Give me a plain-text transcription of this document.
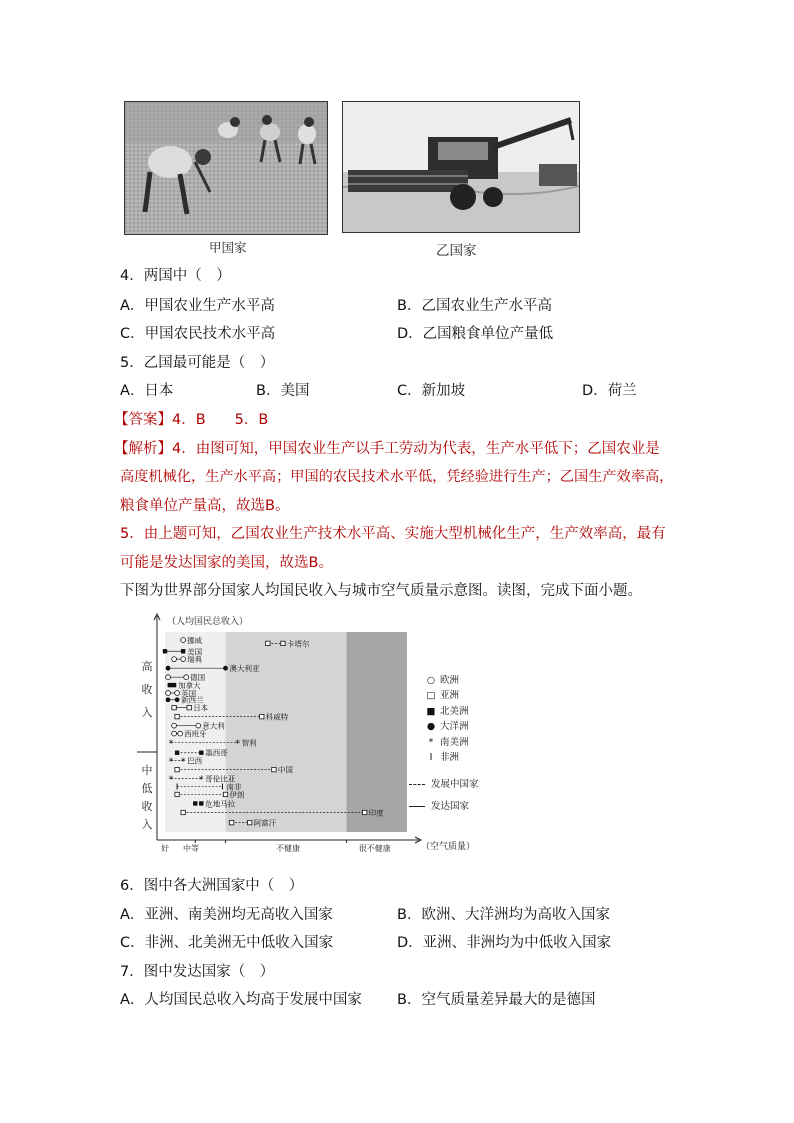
甲国家	乙国家
4．两国中（　）
A．甲国农业生产水平高	B．乙国农业生产水平高
C．甲国农民技术水平高	D．乙国粮食单位产量低
5．乙国最可能是（　）
A．日本	B．美国	C．新加坡	D．荷兰
【答案】4．B　　5．B
【解析】4．由图可知，甲国农业生产以手工劳动为代表，生产水平低下；乙国农业是
高度机械化，生产水平高；甲国的农民技术水平低，凭经验进行生产；乙国生产效率高，
粮食单位产量高，故选B。
5．由上题可知，乙国农业生产技术水平高、实施大型机械化生产，生产效率高，最有
可能是发达国家的美国，故选B。
下图为世界部分国家人均国民收入与城市空气质量示意图。读图，完成下面小题。
高
收
入
中
低
收
入
好 中等	不健康	很不健康
挪威	卡塔尔
美国
瑞典
澳大利亚
德国
加拿大
英国
新西兰
日本
科威特
意大利
西班牙
*	* 智利
墨西哥
* * 巴西
中国
*	* 哥伦比亚
南非
伊朗
危地马拉
印度
阿富汗
（人均国民总收入）
（空气质量）
○ 欧洲
□ 亚洲
■ 北美洲
● 大洋洲
* 南美洲
I 非洲
发展中国家
发达国家
6．图中各大洲国家中（　）
A．亚洲、南美洲均无高收入国家	B．欧洲、大洋洲均为高收入国家
C．非洲、北美洲无中低收入国家	D．亚洲、非洲均为中低收入国家
7．图中发达国家（　）
A．人均国民总收入均高于发展中国家 B．空气质量差异最大的是德国
